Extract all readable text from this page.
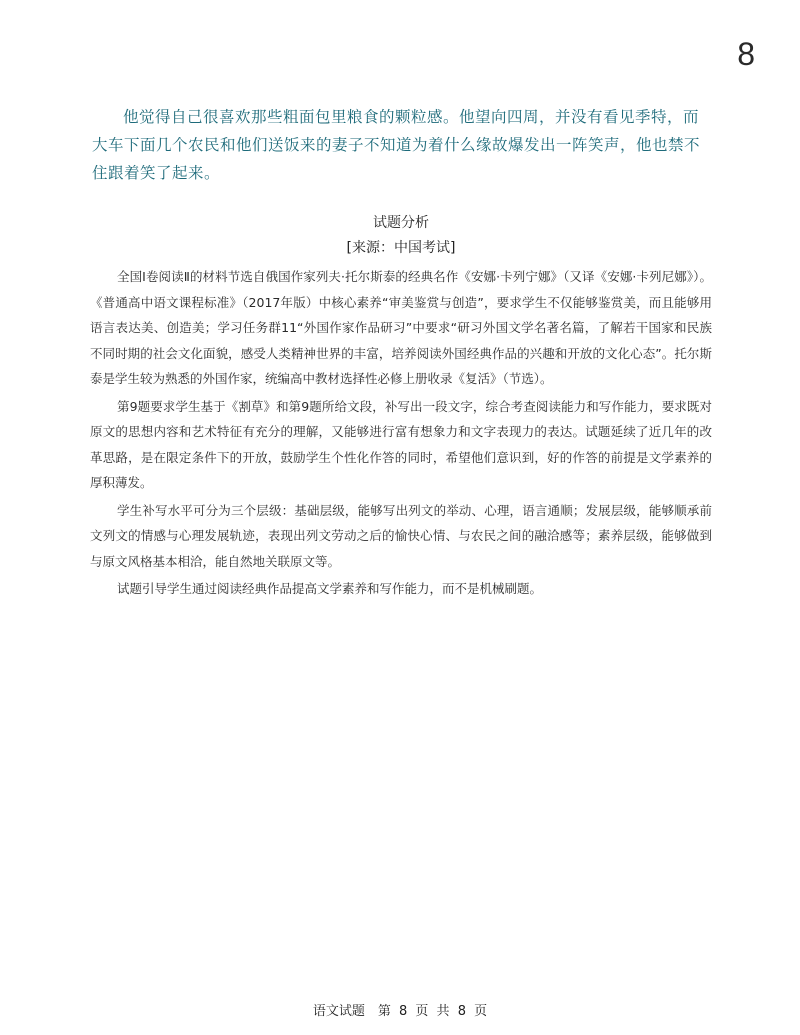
8

他觉得自己很喜欢那些粗面包里粮食的颗粒感。他望向四周，并没有看见季特，而大车下面几个农民和他们送饭来的妻子不知道为着什么缘故爆发出一阵笑声，他也禁不住跟着笑了起来。

试题分析

[来源：中国考试]

全国Ⅰ卷阅读Ⅱ的材料节选自俄国作家列夫·托尔斯泰的经典名作《安娜·卡列宁娜》（又译《安娜·卡列尼娜》）。《普通高中语文课程标准》（2017年版）中核心素养“审美鉴赏与创造”，要求学生不仅能够鉴赏美，而且能够用语言表达美、创造美；学习任务群11“外国作家作品研习”中要求“研习外国文学名著名篇，了解若干国家和民族不同时期的社会文化面貌，感受人类精神世界的丰富，培养阅读外国经典作品的兴趣和开放的文化心态”。托尔斯泰是学生较为熟悉的外国作家，统编高中教材选择性必修上册收录《复活》（节选）。

第9题要求学生基于《割草》和第9题所给文段，补写出一段文字，综合考查阅读能力和写作能力，要求既对原文的思想内容和艺术特征有充分的理解，又能够进行富有想象力和文字表现力的表达。试题延续了近几年的改革思路，是在限定条件下的开放，鼓励学生个性化作答的同时，希望他们意识到，好的作答的前提是文学素养的厚积薄发。

学生补写水平可分为三个层级：基础层级，能够写出列文的举动、心理，语言通顺；发展层级，能够顺承前文列文的情感与心理发展轨迹，表现出列文劳动之后的愉快心情、与农民之间的融洽感等；素养层级，能够做到与原文风格基本相洽，能自然地关联原文等。

试题引导学生通过阅读经典作品提高文学素养和写作能力，而不是机械刷题。

语文试题　第 8 页 共 8 页
